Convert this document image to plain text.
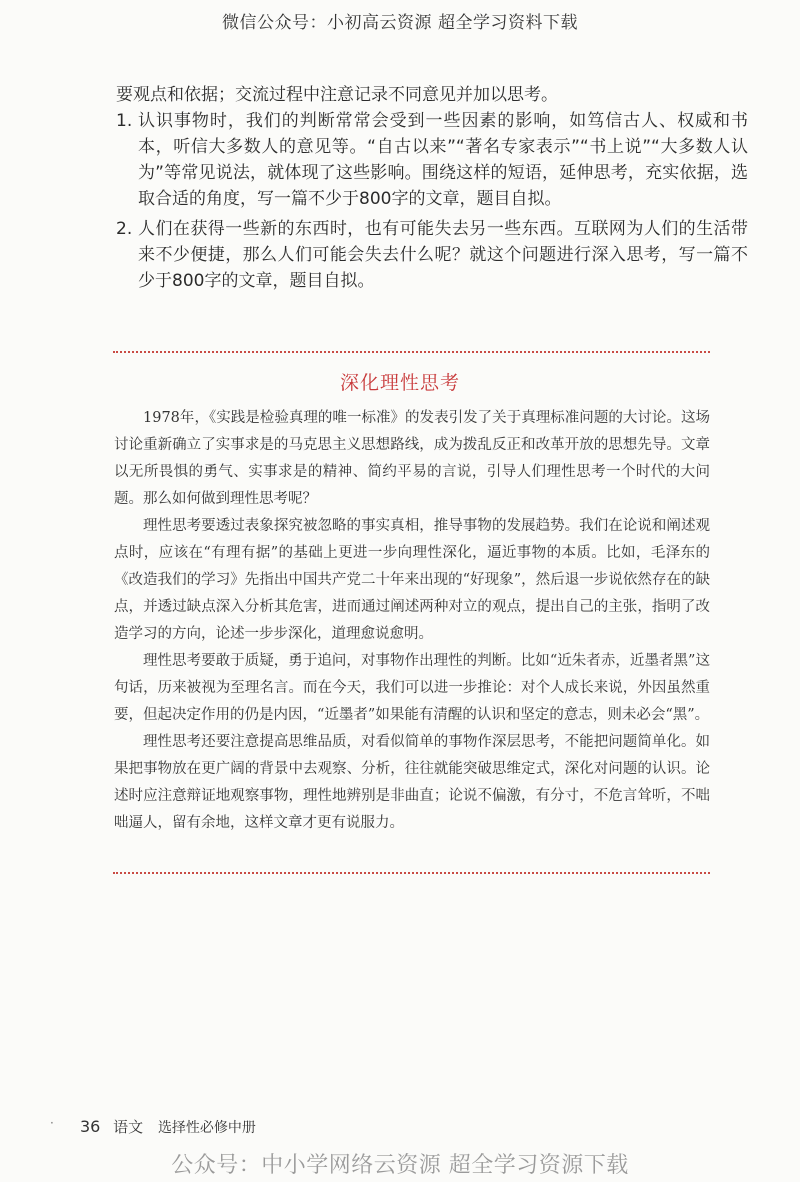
微信公众号：小初高云资源 超全学习资料下载
要观点和依据；交流过程中注意记录不同意见并加以思考。
1. 认识事物时，我们的判断常常会受到一些因素的影响，如笃信古人、权威和书本，听信大多数人的意见等。“自古以来”“著名专家表示”“书上说”“大多数人认为”等常见说法，就体现了这些影响。围绕这样的短语，延伸思考，充实依据，选取合适的角度，写一篇不少于800字的文章，题目自拟。
2. 人们在获得一些新的东西时，也有可能失去另一些东西。互联网为人们的生活带来不少便捷，那么人们可能会失去什么呢？就这个问题进行深入思考，写一篇不少于800字的文章，题目自拟。
深化理性思考

1978年，《实践是检验真理的唯一标准》的发表引发了关于真理标准问题的大讨论。这场讨论重新确立了实事求是的马克思主义思想路线，成为拨乱反正和改革开放的思想先导。文章以无所畏惧的勇气、实事求是的精神、简约平易的言说，引导人们理性思考一个时代的大问题。那么如何做到理性思考呢？

理性思考要透过表象探究被忽略的事实真相，推导事物的发展趋势。我们在论说和阐述观点时，应该在“有理有据”的基础上更进一步向理性深化，逼近事物的本质。比如，毛泽东的《改造我们的学习》先指出中国共产党二十年来出现的“好现象”，然后退一步说依然存在的缺点，并透过缺点深入分析其危害，进而通过阐述两种对立的观点，提出自己的主张，指明了改造学习的方向，论述一步步深化，道理愈说愈明。

理性思考要敢于质疑，勇于追问，对事物作出理性的判断。比如“近朱者赤，近墨者黑”这句话，历来被视为至理名言。而在今天，我们可以进一步推论：对个人成长来说，外因虽然重要，但起决定作用的仍是内因，“近墨者”如果能有清醒的认识和坚定的意志，则未必会“黑”。

理性思考还要注意提高思维品质，对看似简单的事物作深层思考，不能把问题简单化。如果把事物放在更广阔的背景中去观察、分析，往往就能突破思维定式，深化对问题的认识。论述时应注意辩证地观察事物，理性地辨别是非曲直；论说不偏激，有分寸，不危言耸听，不咄咄逼人，留有余地，这样文章才更有说服力。

· 36 语文 选择性必修中册
公众号：中小学网络云资源 超全学习资源下载
